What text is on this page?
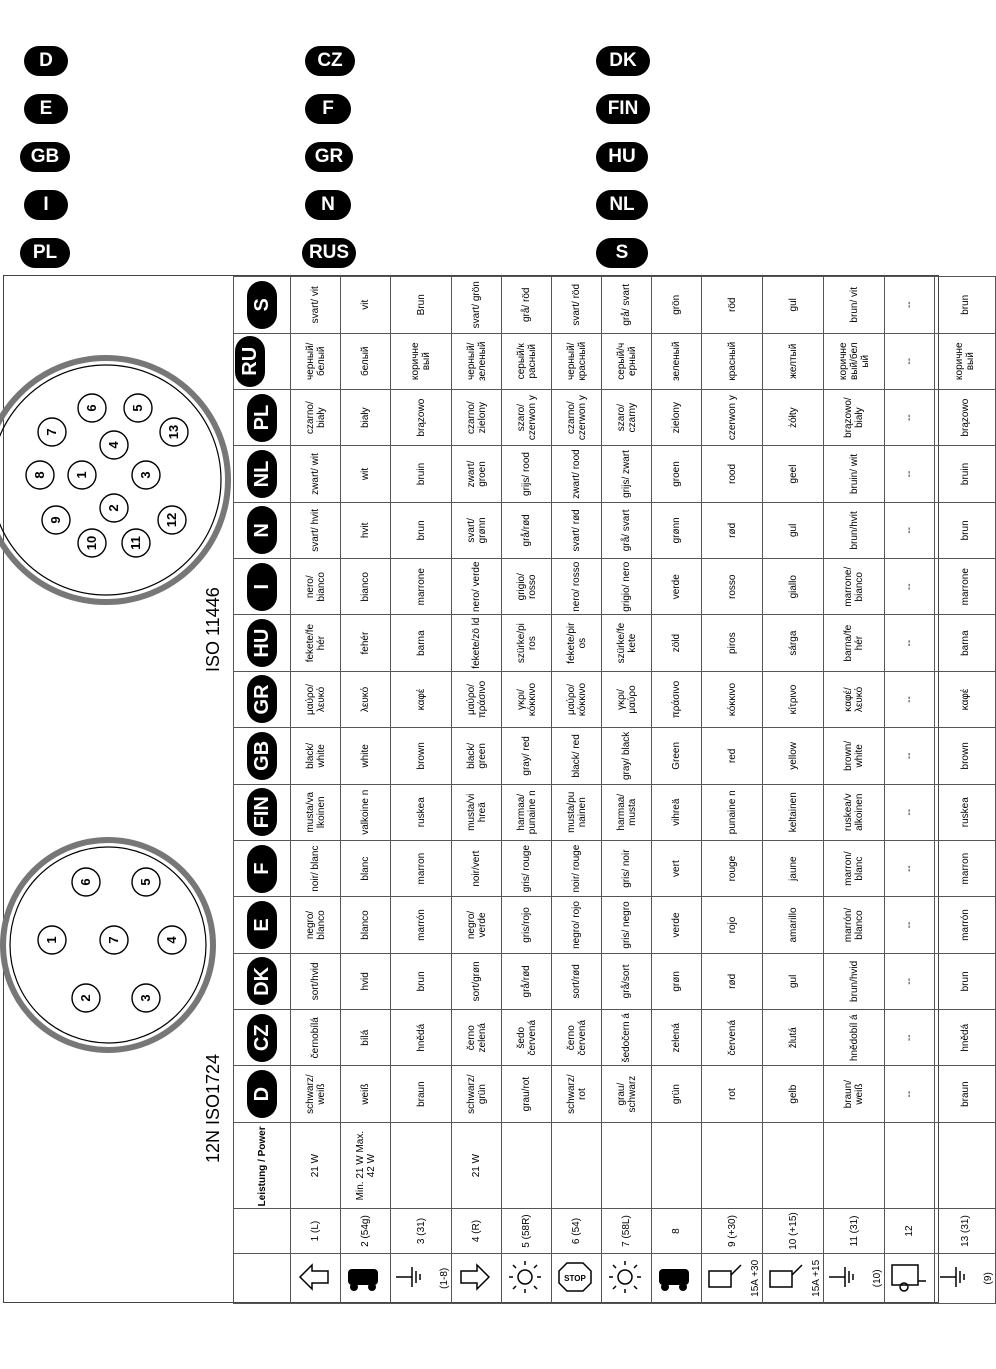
D	CZ	DK
E	F	FIN
GB	GR	HU
I	N	NL
PL	RUS	S
1
2
3
4
5
6
7
8
9
10 11
12
13
1
2	3
4
5
6
7
12N ISO1724
ISO 11446
		Leistung / Power	D	CZ	DK	E	F	FIN	GB	GR	HU	I	N	NL	PL	RUS	S
	1 (L)	21 W	schwarz/ weiß	černobílá	sort/hvid	negro/ blanco	noir/ blanc	musta/va lkoinen	black/ white	μαύρο/ λευκό	fekete/fe hér	nero/ bianco	svart/ hvit	zwart/ wit	czarno/ biały	черный/ белый	svart/ vit
	2 (54g)	Min. 21 W Max. 42 W	weiß	bílá	hvid	blanco	blanc	valkoine n	white	λευκό	fehér	bianco	hvit	wit	biały	белый	vit

(1-8)	3 (31)		braun	hnědá	brun	marrón	marron	ruskea	brown	καφέ	barna	marrone	brun	bruin	brązowo	коричне вый	Brun
	4 (R)	21 W	schwarz/ grün	černo zelená	sort/grøn	negro/ verde	noir/vert	musta/vi hreä	black/ green	μαύρο/ πράσινο	fekete/zö ld	nero/ verde	svart/ grønn	zwart/ groen	czarno/ zielony	черный/ зеленый	svart/ grön
	5 (58R)		grau/rot	šedo červená	grå/rød	gris/rojo	gris/ rouge	harmaa/ punaine n	gray/ red	γκρι/ κόκκινο	szürke/pi ros	grigio/ rosso	grå/rød	grijs/ rood	szaro/ czerwon y	серый/к расный	grå/ röd

STOP	6 (54)		schwarz/ rot	černo červená	sort/rød	negro/ rojo	noir/ rouge	musta/pu nainen	black/ red	μαύρο/ κόκκινο	fekete/pir os	nero/ rosso	svart/ rød	zwart/ rood	czarno/ czerwon y	черный/ красный	svart/ röd
	7 (58L)		grau/ schwarz	šedočern á	grå/sort	gris/ negro	gris/ noir	harmaa/ musta	gray/ black	γκρι/ μαύρο	szürke/fe kete	grigio/ nero	grå/ svart	grijs/ zwart	szaro/ czarny	серый/ч ерный	grå/ svart
	8		grün	zelená	grøn	verde	vert	vihreä	Green	πράσινο	zöld	verde	grønn	groen	zielony	зеленый	grön

15A +30	9 (+30)		rot	červená	rød	rojo	rouge	punaine n	red	κόκκινο	piros	rosso	rød	rood	czerwon y	красный	röd

15A +15	10 (+15)		gelb	žlutá	gul	amarillo	jaune	keltainen	yellow	κίτρινο	sárga	giallo	gul	geel	żółty	желтый	gul

(10)	11 (31)		braun/ weiß	hnědobíl á	brun/hvid	marrón/ blanco	marron/ blanc	ruskea/v alkoinen	brown/ white	καφέ/ λευκό	barna/fe hér	marrone/ bianco	brun/hvit	bruin/ wit	brązowo/ biały	коричне вый/бел ый	brun/ vit
	12		--	--	--	--	--	--	--	--	--	--	--	--	--	--	--

(9)	13 (31)		braun	hnědá	brun	marrón	marron	ruskea	brown	καφέ	barna	marrone	brun	bruin	brązowo	коричне вый	brun
